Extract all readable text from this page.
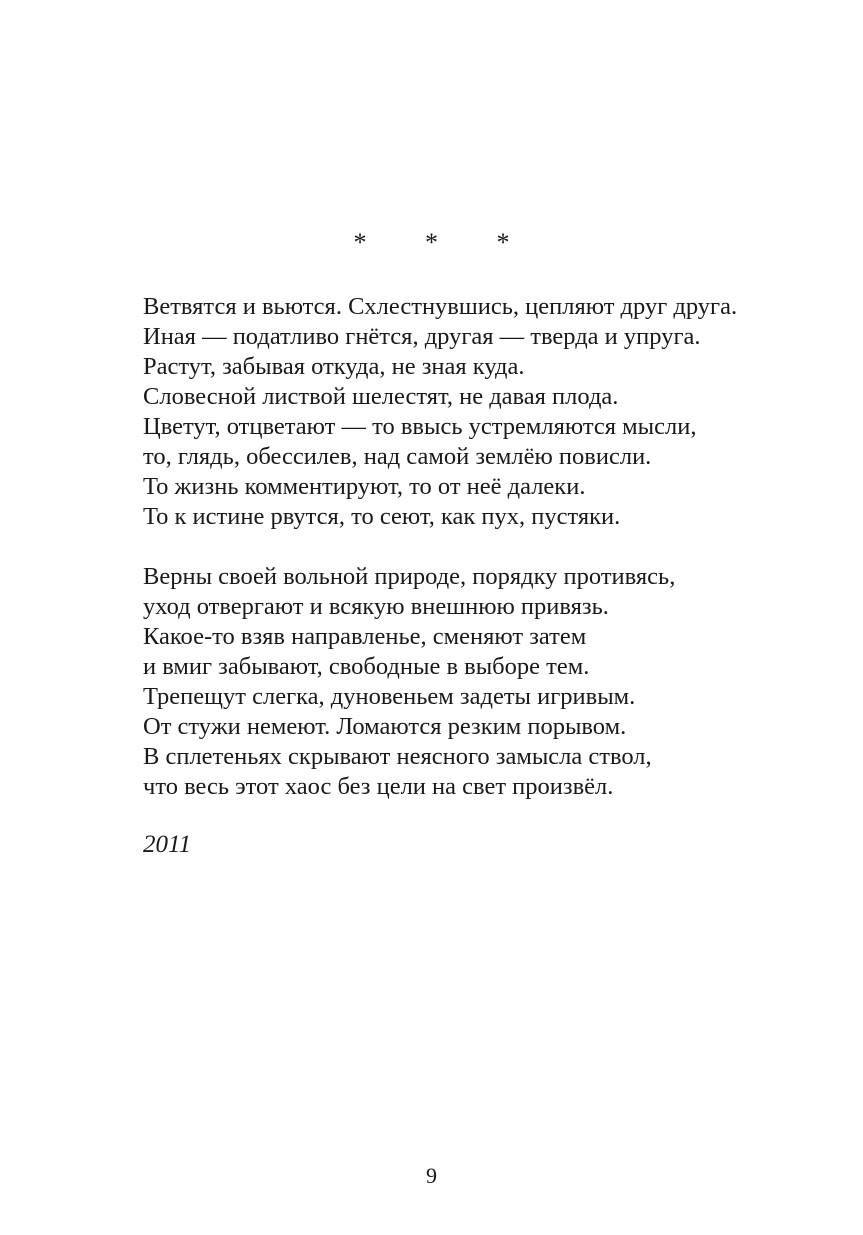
* * *

Ветвятся и вьются. Схлестнувшись, цепляют друг друга.
Иная — податливо гнётся, другая — тверда и упруга.
Растут, забывая откуда, не зная куда.
Словесной листвой шелестят, не давая плода.
Цветут, отцветают — то ввысь устремляются мысли,
то, глядь, обессилев, над самой землёю повисли.
То жизнь комментируют, то от неё далеки.
То к истине рвутся, то сеют, как пух, пустяки.

Верны своей вольной природе, порядку противясь,
уход отвергают и всякую внешнюю привязь.
Какое-то взяв направленье, сменяют затем
и вмиг забывают, свободные в выборе тем.
Трепещут слегка, дуновеньем задеты игривым.
От стужи немеют. Ломаются резким порывом.
В сплетеньях скрывают неясного замысла ствол,
что весь этот хаос без цели на свет произвёл.

2011
9
